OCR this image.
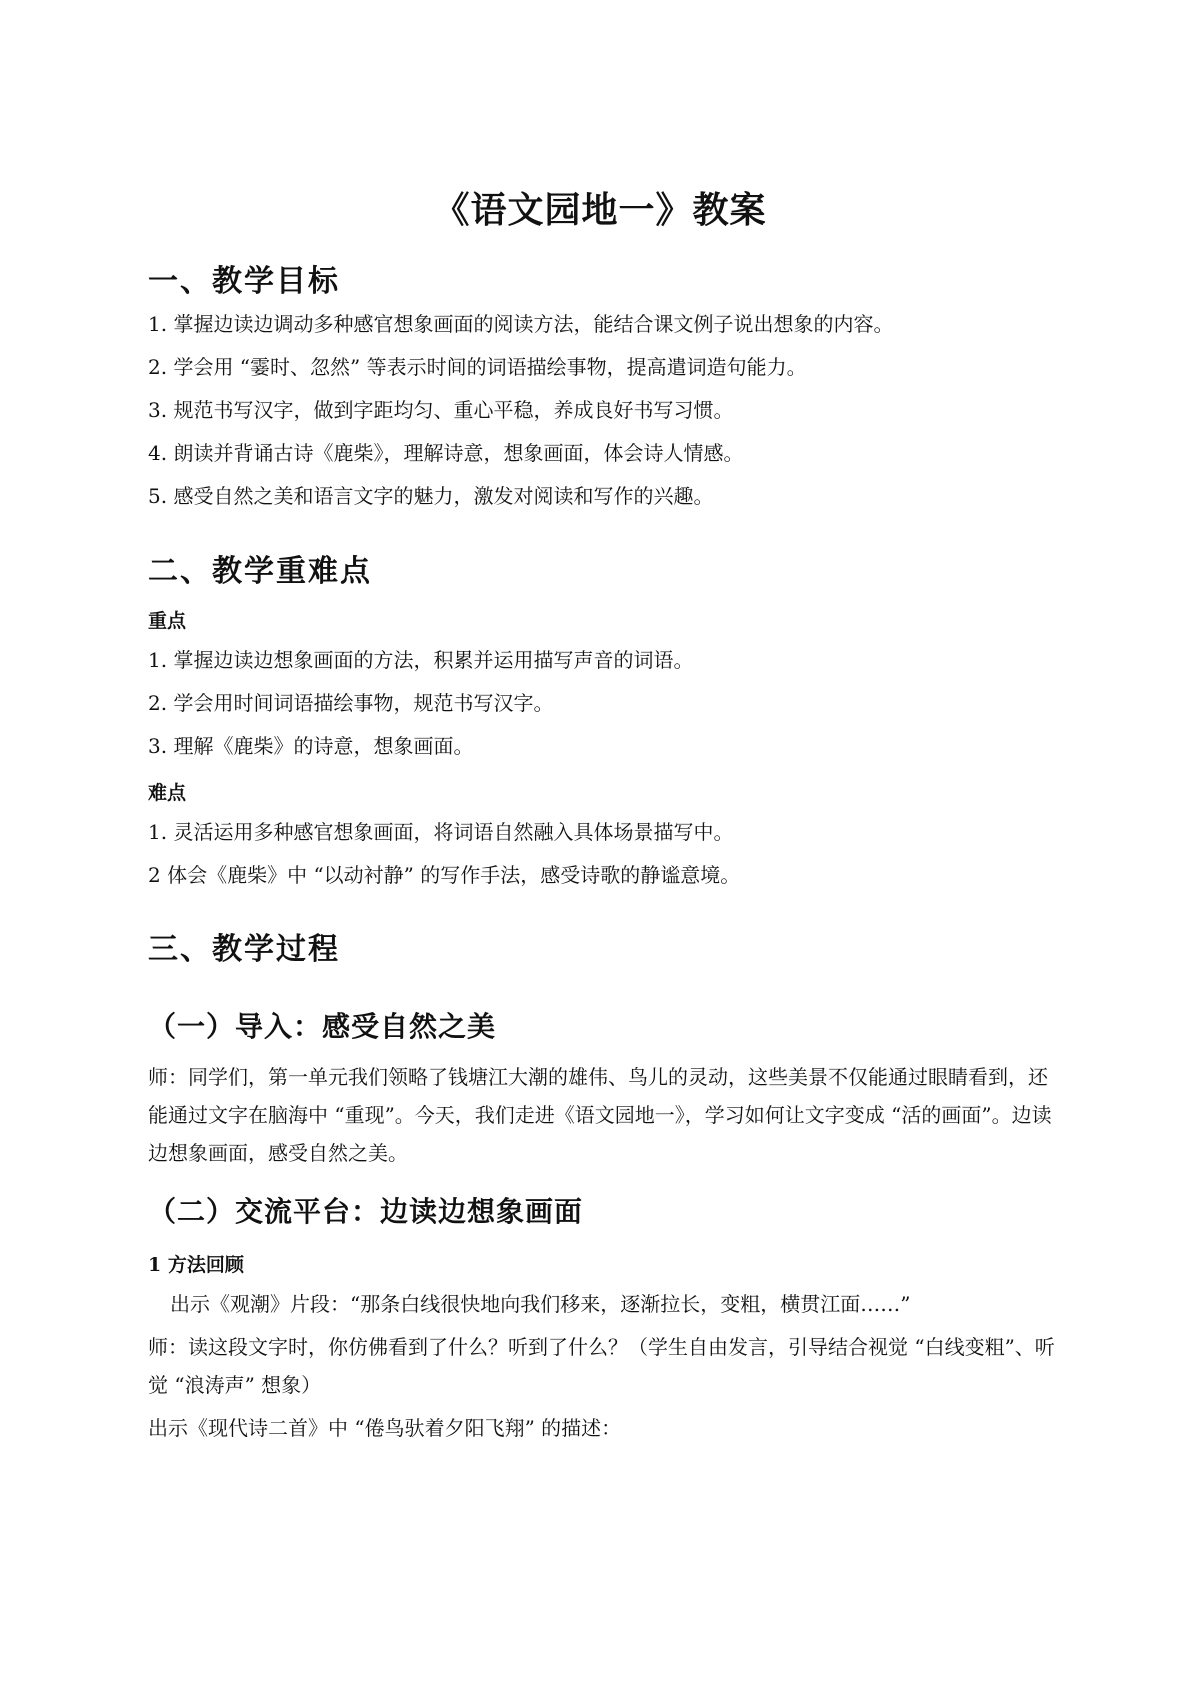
《语文园地一》教案
一、教学目标

1. 掌握边读边调动多种感官想象画面的阅读方法，能结合课文例子说出想象的内容。

2. 学会用 “霎时、忽然” 等表示时间的词语描绘事物，提高遣词造句能力。

3. 规范书写汉字，做到字距均匀、重心平稳，养成良好书写习惯。

4. 朗读并背诵古诗《鹿柴》，理解诗意，想象画面，体会诗人情感。

5. 感受自然之美和语言文字的魅力，激发对阅读和写作的兴趣。

二、教学重难点
重点

1. 掌握边读边想象画面的方法，积累并运用描写声音的词语。

2. 学会用时间词语描绘事物，规范书写汉字。

3. 理解《鹿柴》的诗意，想象画面。

难点

1. 灵活运用多种感官想象画面，将词语自然融入具体场景描写中。

2 体会《鹿柴》中 “以动衬静” 的写作手法，感受诗歌的静谧意境。

三、教学过程
（一）导入：感受自然之美

师：同学们，第一单元我们领略了钱塘江大潮的雄伟、鸟儿的灵动，这些美景不仅能通过眼睛看到，还能通过文字在脑海中 “重现”。今天，我们走进《语文园地一》，学习如何让文字变成 “活的画面”。边读边想象画面，感受自然之美。

（二）交流平台：边读边想象画面
1 方法回顾

出示《观潮》片段：“那条白线很快地向我们移来，逐渐拉长，变粗，横贯江面……”

师：读这段文字时，你仿佛看到了什么？听到了什么？（学生自由发言，引导结合视觉 “白线变粗”、听觉 “浪涛声” 想象）

出示《现代诗二首》中 “倦鸟驮着夕阳飞翔” 的描述：
